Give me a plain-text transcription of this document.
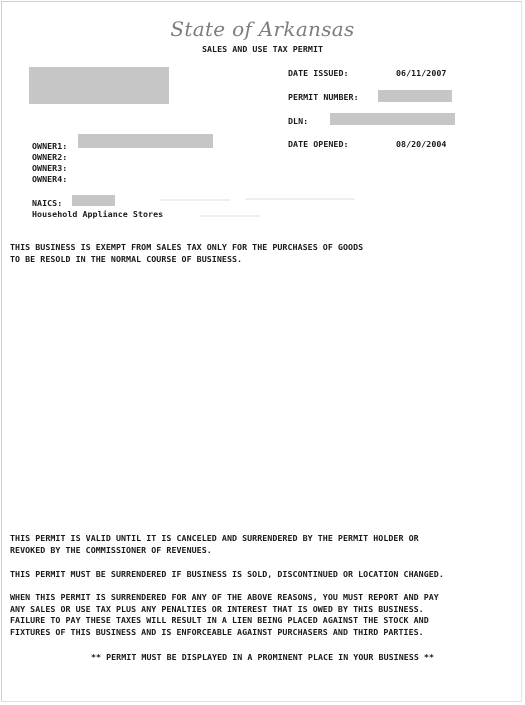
State of Arkansas
SALES AND USE TAX PERMIT
DATE ISSUED:	06/11/2007
PERMIT NUMBER:
DLN:
DATE OPENED:	08/20/2004
OWNER1:
OWNER2:
OWNER3:
OWNER4:
NAICS:
Household Appliance Stores
THIS BUSINESS IS EXEMPT FROM SALES TAX ONLY FOR THE PURCHASES OF GOODS
TO BE RESOLD IN THE NORMAL COURSE OF BUSINESS.
THIS PERMIT IS VALID UNTIL IT IS CANCELED AND SURRENDERED BY THE PERMIT HOLDER OR
REVOKED BY THE COMMISSIONER OF REVENUES.
THIS PERMIT MUST BE SURRENDERED IF BUSINESS IS SOLD, DISCONTINUED OR LOCATION CHANGED.
WHEN THIS PERMIT IS SURRENDERED FOR ANY OF THE ABOVE REASONS, YOU MUST REPORT AND PAY
ANY SALES OR USE TAX PLUS ANY PENALTIES OR INTEREST THAT IS OWED BY THIS BUSINESS.
FAILURE TO PAY THESE TAXES WILL RESULT IN A LIEN BEING PLACED AGAINST THE STOCK AND
FIXTURES OF THIS BUSINESS AND IS ENFORCEABLE AGAINST PURCHASERS AND THIRD PARTIES.
** PERMIT MUST BE DISPLAYED IN A PROMINENT PLACE IN YOUR BUSINESS **
